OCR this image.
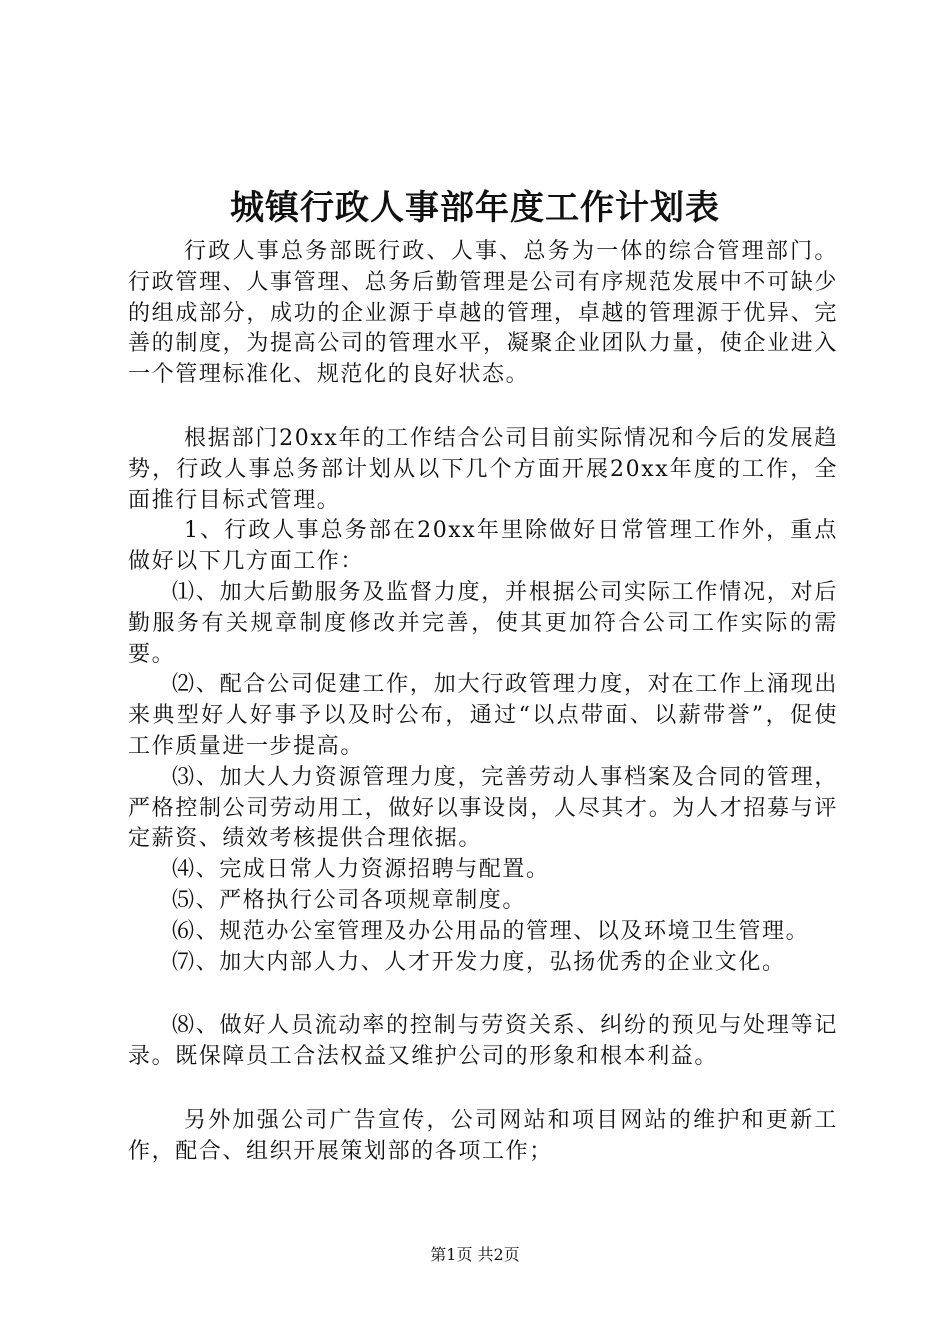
城镇行政人事部年度工作计划表

行政人事总务部既行政、人事、总务为一体的综合管理部门。行政管理、人事管理、总务后勤管理是公司有序规范发展中不可缺少的组成部分，成功的企业源于卓越的管理，卓越的管理源于优异、完善的制度，为提高公司的管理水平，凝聚企业团队力量，使企业进入一个管理标准化、规范化的良好状态。

根据部门20xx年的工作结合公司目前实际情况和今后的发展趋势，行政人事总务部计划从以下几个方面开展20xx年度的工作，全面推行目标式管理。

1、行政人事总务部在20xx年里除做好日常管理工作外，重点做好以下几方面工作：

⑴、加大后勤服务及监督力度，并根据公司实际工作情况，对后勤服务有关规章制度修改并完善，使其更加符合公司工作实际的需要。

⑵、配合公司促建工作，加大行政管理力度，对在工作上涌现出来典型好人好事予以及时公布，通过“以点带面、以薪带誉”，促使工作质量进一步提高。

⑶、加大人力资源管理力度，完善劳动人事档案及合同的管理，严格控制公司劳动用工，做好以事设岗，人尽其才。为人才招募与评定薪资、绩效考核提供合理依据。

⑷、完成日常人力资源招聘与配置。

⑸、严格执行公司各项规章制度。

⑹、规范办公室管理及办公用品的管理、以及环境卫生管理。

⑺、加大内部人力、人才开发力度，弘扬优秀的企业文化。

⑻、做好人员流动率的控制与劳资关系、纠纷的预见与处理等记录。既保障员工合法权益又维护公司的形象和根本利益。

另外加强公司广告宣传，公司网站和项目网站的维护和更新工作，配合、组织开展策划部的各项工作；

第1页 共2页
